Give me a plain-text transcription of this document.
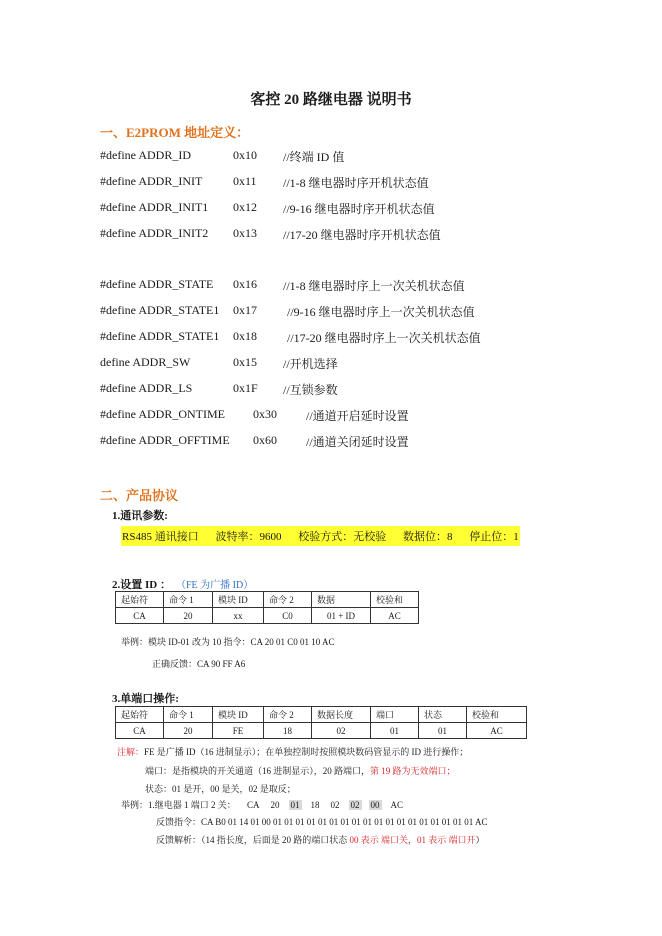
客控 20 路继电器 说明书
一、E2PROM 地址定义：
#define ADDR_ID	0x10 //终端 ID 值
#define ADDR_INIT	0x11 //1-8 继电器时序开机状态值
#define ADDR_INIT1 0x12 //9-16 继电器时序开机状态值
#define ADDR_INIT2 0x13 //17-20 继电器时序开机状态值
#define ADDR_STATE 0x16 //1-8 继电器时序上一次关机状态值
#define ADDR_STATE1 0x17	//9-16 继电器时序上一次关机状态值
#define ADDR_STATE1 0x18	//17-20 继电器时序上一次关机状态值
define ADDR_SW	0x15 //开机选择
#define ADDR_LS	0x1F //互锁参数
#define ADDR_ONTIME 0x30 //通道开启延时设置
#define ADDR_OFFTIME 0x60 //通道关闭延时设置
二、产品协议
1.通讯参数:
RS485 通讯接口 波特率：9600 校验方式：无校验 数据位：8 停止位：1
2.设置 ID ： （FE 为广播 ID）
起始符	命令 1	模块 ID	命令 2	数据	校验和
CA	20	xx	C0	01 + ID	AC
举例：模块 ID-01 改为 10 指令：CA 20 01 C0 01 10 AC
正确反馈：CA 90 FF A6
3.单端口操作:
起始符	命令 1	模块 ID	命令 2	数据长度	端口	状态	校验和
CA	20	FE	18	02	01	01	AC
注解：FE 是广播 ID（16 进制显示）；在单独控制时按照模块数码管显示的 ID 进行操作；
端口：是指模块的开关通道（16 进制显示），20 路端口，第 19 路为无效端口；
状态：01 是开，00 是关，02 是取反；
举例：1.继电器 1 端口 2 关： CA 20 01 18 02 02 00 AC
反馈指令：CA B0 01 14 01 00 01 01 01 01 01 01 01 01 01 01 01 01 01 01 01 01 01 01 AC
反馈解析：（14 指长度，后面是 20 路的端口状态 00 表示 端口关，01 表示 端口开）
